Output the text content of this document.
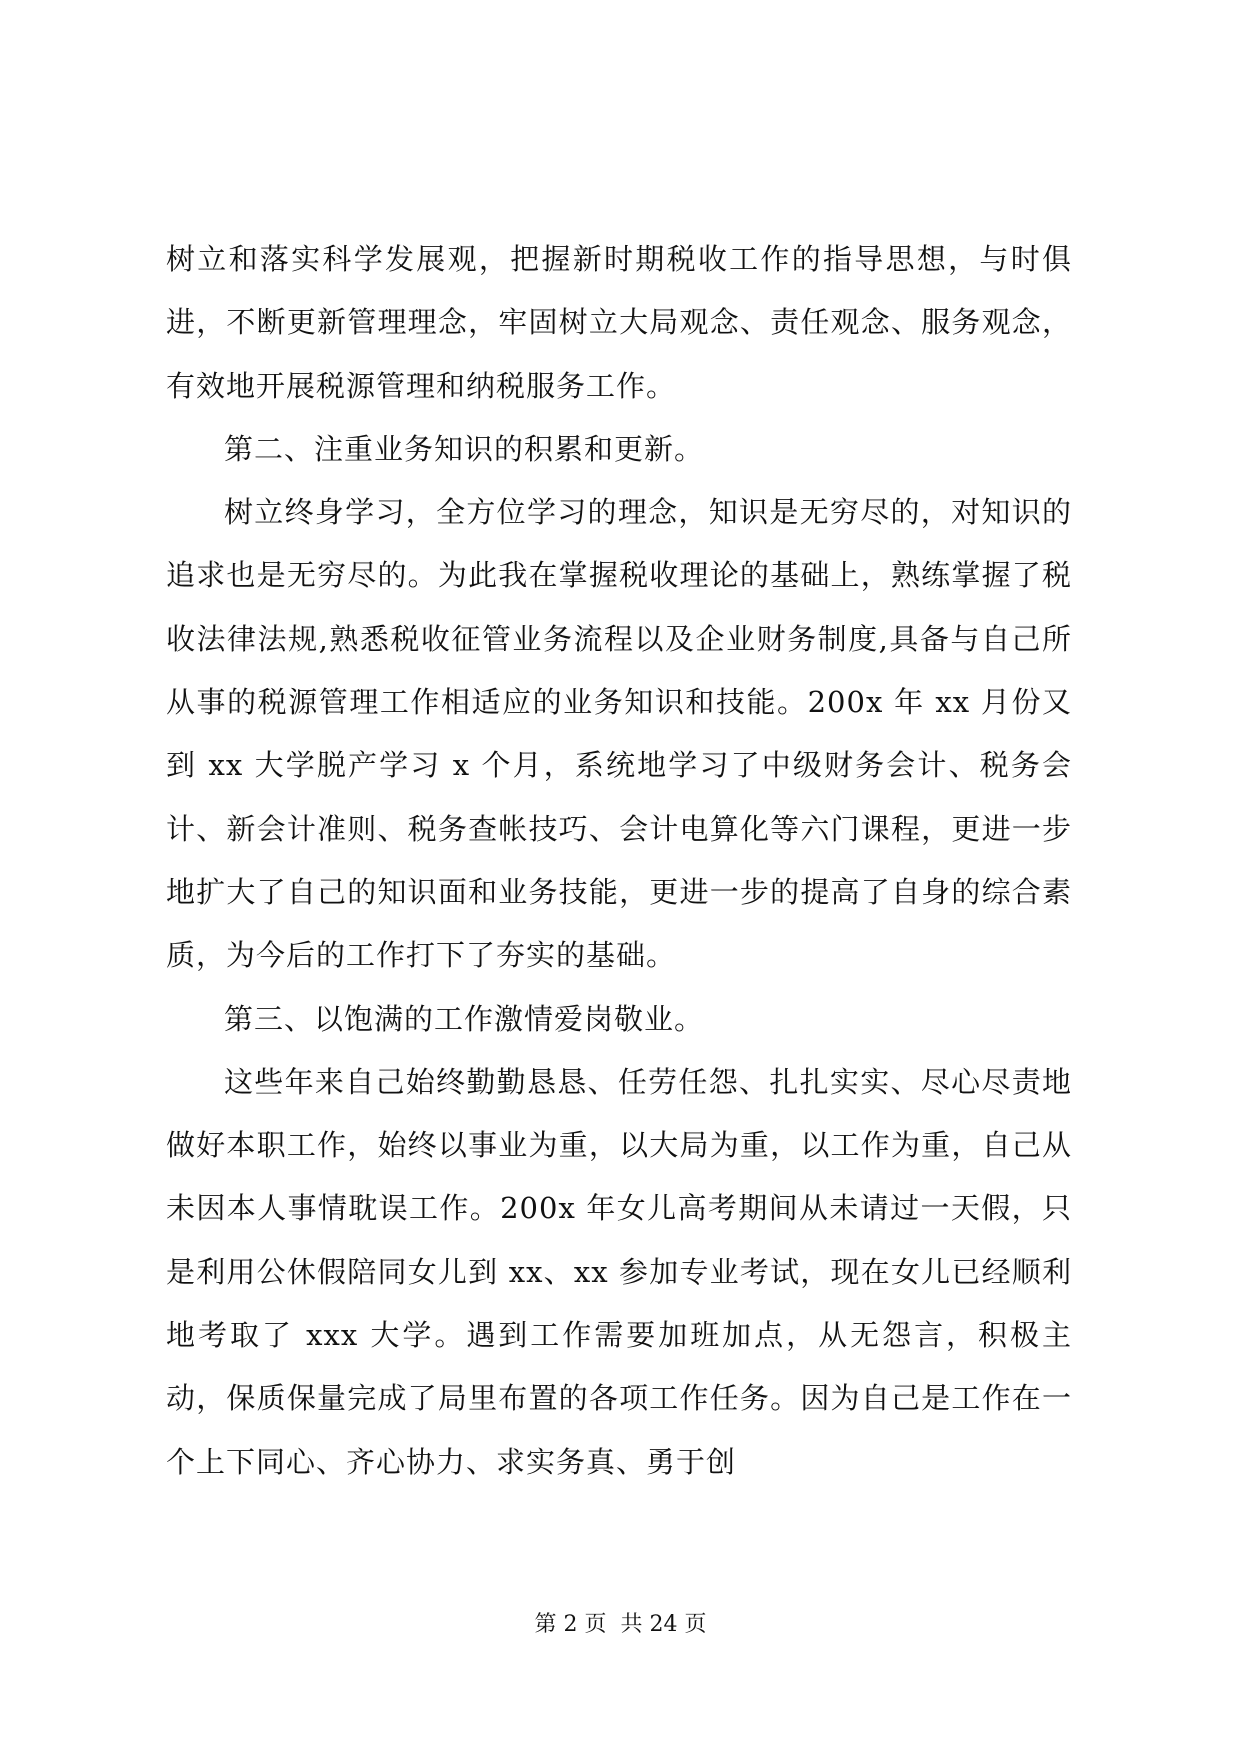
树立和落实科学发展观，把握新时期税收工作的指导思想，与时俱进，不断更新管理理念，牢固树立大局观念、责任观念、服务观念，有效地开展税源管理和纳税服务工作。

第二、注重业务知识的积累和更新。

树立终身学习，全方位学习的理念，知识是无穷尽的，对知识的追求也是无穷尽的。为此我在掌握税收理论的基础上，熟练掌握了税收法律法规,熟悉税收征管业务流程以及企业财务制度,具备与自己所从事的税源管理工作相适应的业务知识和技能。200x 年 xx 月份又到 xx 大学脱产学习 x 个月，系统地学习了中级财务会计、税务会计、新会计准则、税务查帐技巧、会计电算化等六门课程，更进一步地扩大了自己的知识面和业务技能，更进一步的提高了自身的综合素质，为今后的工作打下了夯实的基础。

第三、以饱满的工作激情爱岗敬业。

这些年来自己始终勤勤恳恳、任劳任怨、扎扎实实、尽心尽责地做好本职工作，始终以事业为重，以大局为重，以工作为重，自己从未因本人事情耽误工作。200x 年女儿高考期间从未请过一天假，只是利用公休假陪同女儿到 xx、xx 参加专业考试，现在女儿已经顺利地考取了 xxx 大学。遇到工作需要加班加点，从无怨言，积极主动，保质保量完成了局里布置的各项工作任务。因为自己是工作在一个上下同心、齐心协力、求实务真、勇于创

第 2 页  共 24 页
